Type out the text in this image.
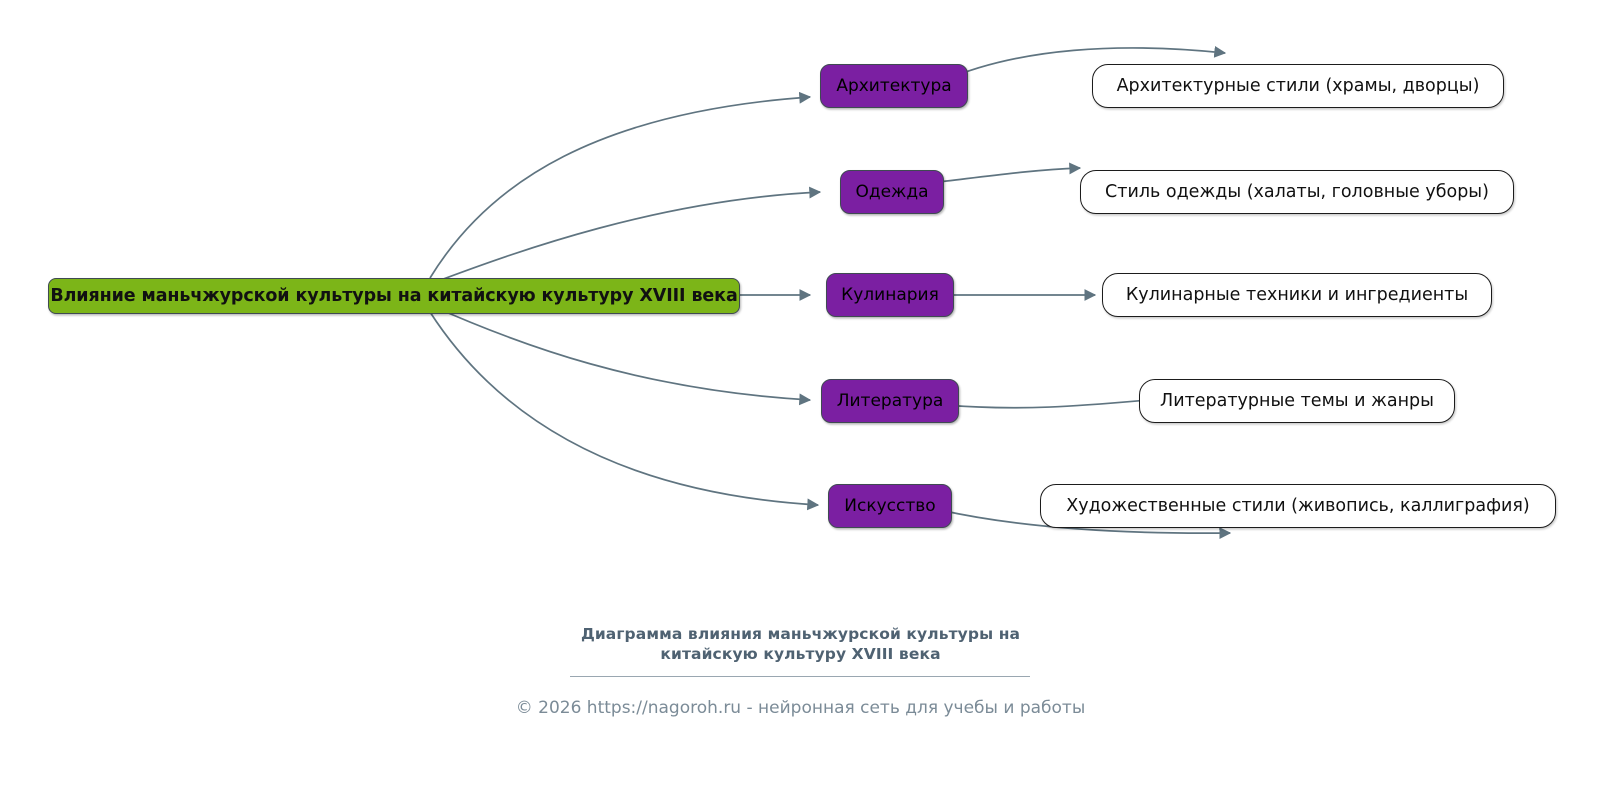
Влияние маньчжурской культуры на китайскую культуру XVIII века
Архитектура	Архитектурные стили (храмы, дворцы)
Одежда	Стиль одежды (халаты, головные уборы)
Кулинария	Кулинарные техники и ингредиенты
Литература	Литературные темы и жанры
Искусство	Художественные стили (живопись, каллиграфия)
Диаграмма влияния маньчжурской культуры на
китайскую культуру XVIII века
© 2026 https://nagoroh.ru - нейронная сеть для учебы и работы
